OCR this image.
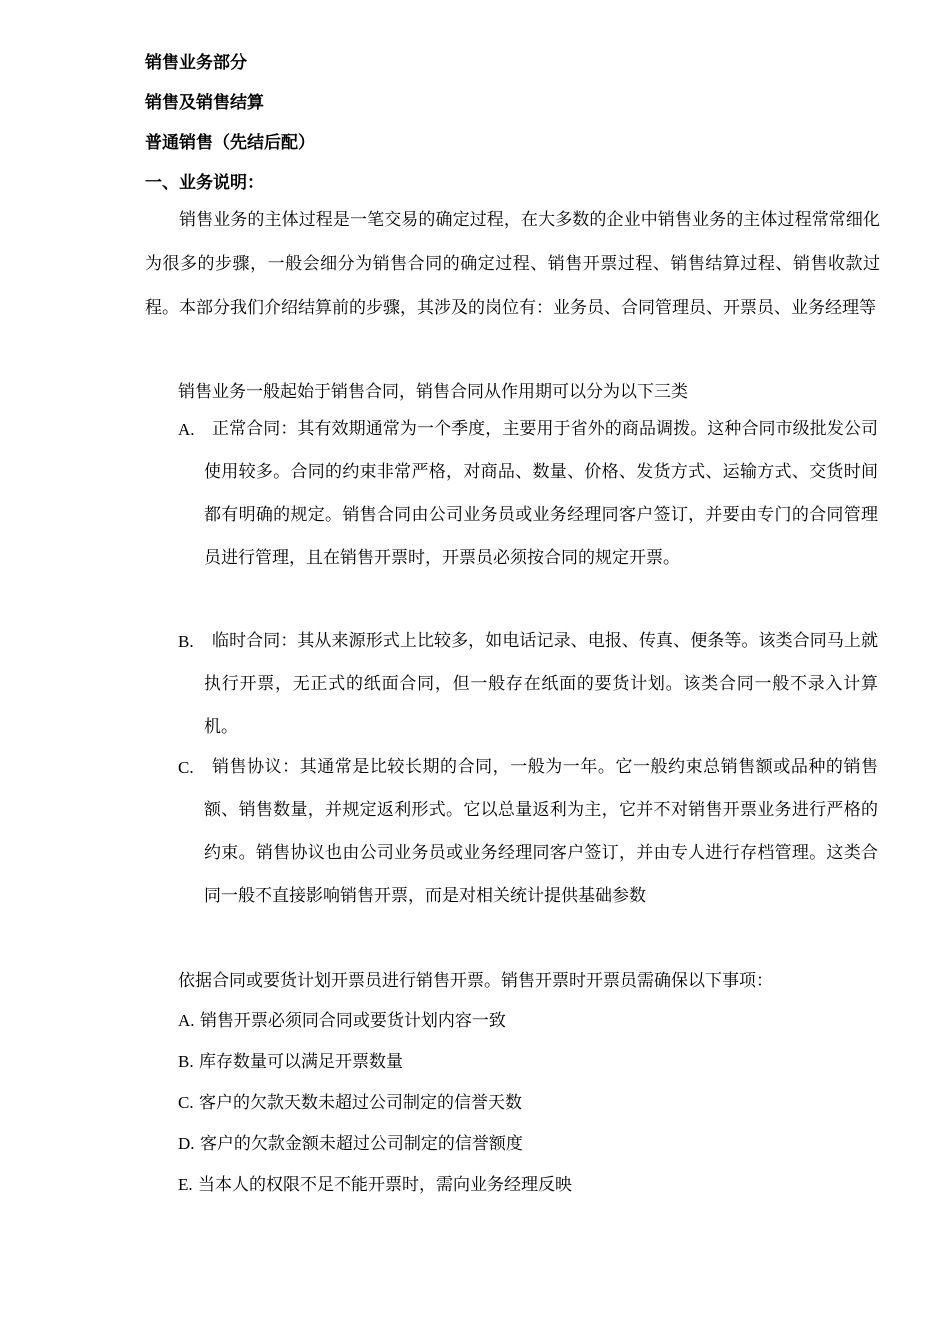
销售业务部分
销售及销售结算
普通销售（先结后配）
一、业务说明：
销售业务的主体过程是一笔交易的确定过程，在大多数的企业中销售业务的主体过程常常细化为很多的步骤，一般会细分为销售合同的确定过程、销售开票过程、销售结算过程、销售收款过程。本部分我们介绍结算前的步骤，其涉及的岗位有：业务员、合同管理员、开票员、业务经理等
销售业务一般起始于销售合同，销售合同从作用期可以分为以下三类
A.	正常合同：其有效期通常为一个季度，主要用于省外的商品调拨。这种合同市级批发公司使用较多。合同的约束非常严格，对商品、数量、价格、发货方式、运输方式、交货时间都有明确的规定。销售合同由公司业务员或业务经理同客户签订，并要由专门的合同管理员进行管理，且在销售开票时，开票员必须按合同的规定开票。
B.	临时合同：其从来源形式上比较多，如电话记录、电报、传真、便条等。该类合同马上就执行开票，无正式的纸面合同，但一般存在纸面的要货计划。该类合同一般不录入计算机。
C.	销售协议：其通常是比较长期的合同，一般为一年。它一般约束总销售额或品种的销售额、销售数量，并规定返利形式。它以总量返利为主，它并不对销售开票业务进行严格的约束。销售协议也由公司业务员或业务经理同客户签订，并由专人进行存档管理。这类合同一般不直接影响销售开票，而是对相关统计提供基础参数
依据合同或要货计划开票员进行销售开票。销售开票时开票员需确保以下事项：
A. 销售开票必须同合同或要货计划内容一致
B. 库存数量可以满足开票数量
C. 客户的欠款天数未超过公司制定的信誉天数
D. 客户的欠款金额未超过公司制定的信誉额度
E. 当本人的权限不足不能开票时，需向业务经理反映
